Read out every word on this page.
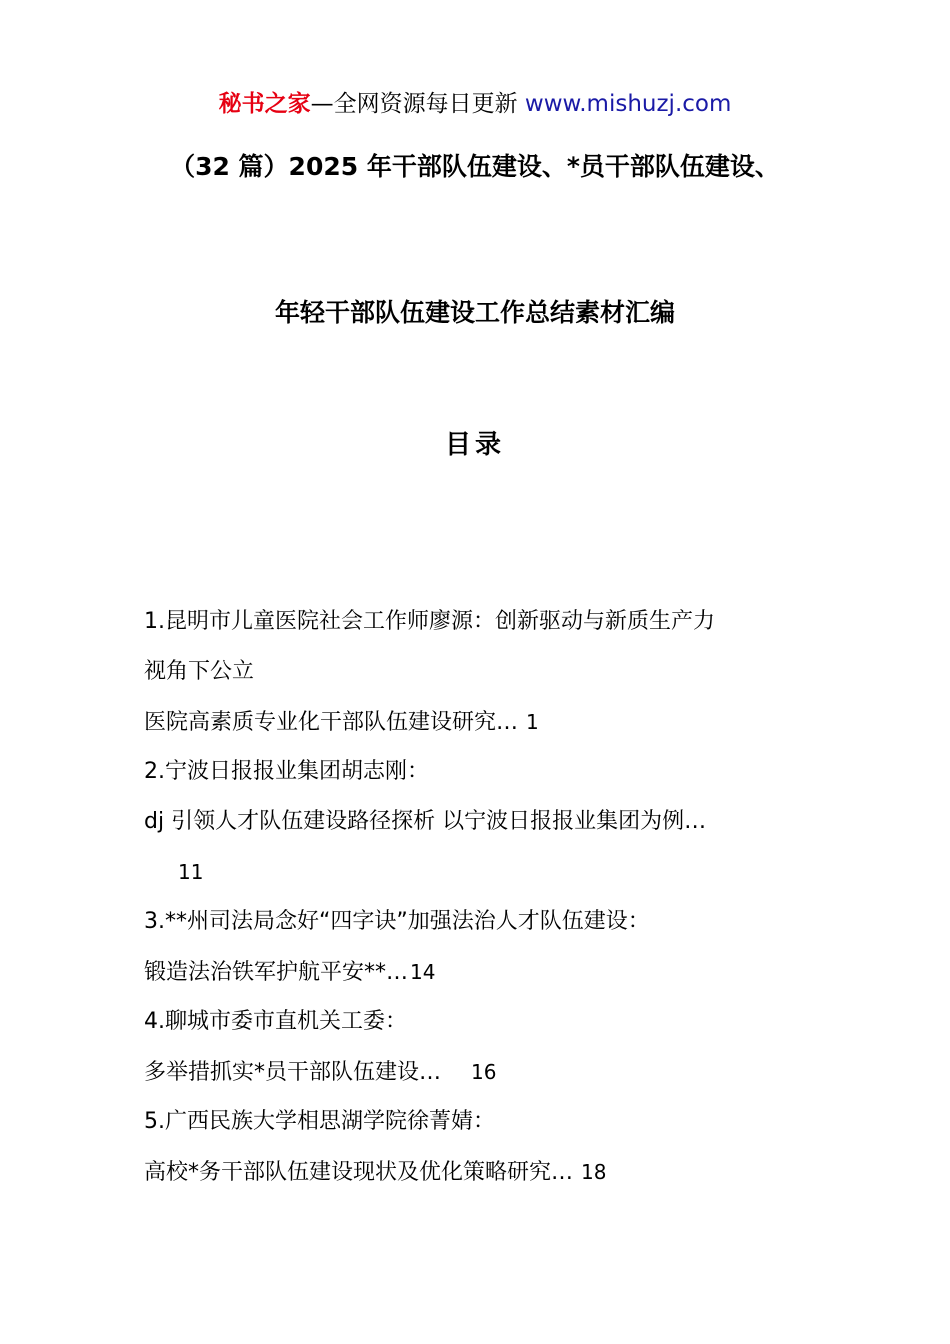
秘书之家—全网资源每日更新 www.mishuzj.com
（32 篇）2025 年干部队伍建设、*员干部队伍建设、
年轻干部队伍建设工作总结素材汇编
目录
1.昆明市儿童医院社会工作师廖源：创新驱动与新质生产力
视角下公立
医院高素质专业化干部队伍建设研究… 1
2.宁波日报报业集团胡志刚：
dj 引领人才队伍建设路径探析 以宁波日报报业集团为例…
11
3.**州司法局念好“四字诀”加强法治人才队伍建设：
锻造法治铁军护航平安**… 14
4.聊城市委市直机关工委：
多举措抓实*员干部队伍建设… 16
5.广西民族大学相思湖学院徐菁婧：
高校*务干部队伍建设现状及优化策略研究… 18
